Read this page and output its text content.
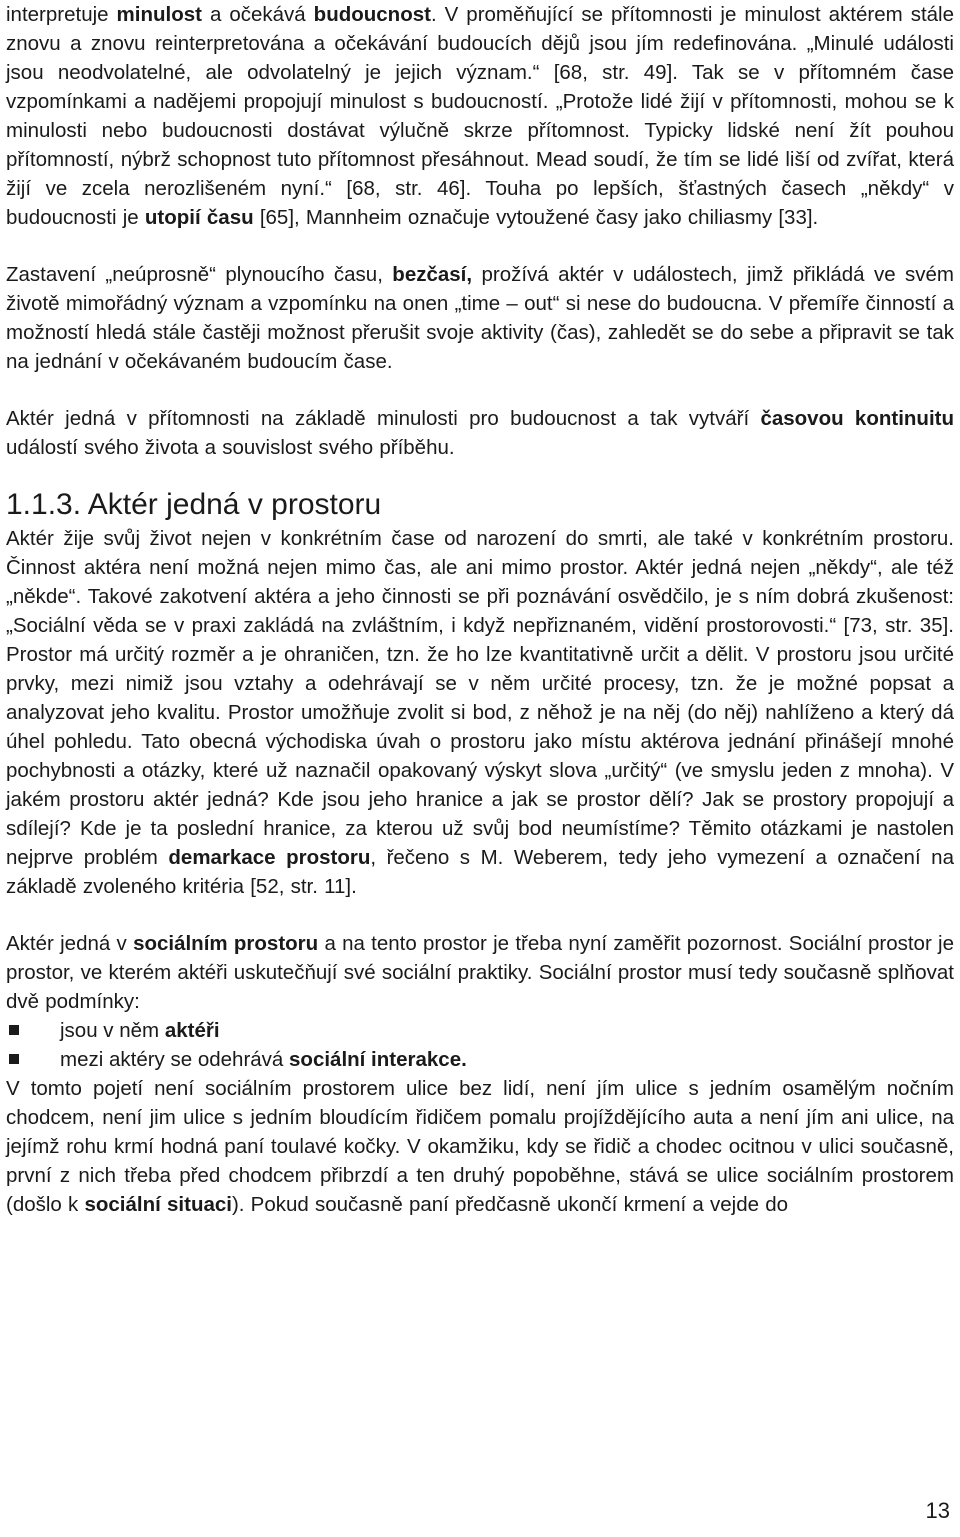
interpretuje minulost a očekává budoucnost. V proměňující se přítomnosti je minulost aktérem stále znovu a znovu reinterpretována a očekávání budoucích dějů jsou jím redefinována. „Minulé události jsou neodvolatelné, ale odvolatelný je jejich význam.“ [68, str. 49]. Tak se v přítomném čase vzpomínkami a nadějemi propojují minulost s budoucností. „Protože lidé žijí v přítomnosti, mohou se k minulosti nebo budoucnosti dostávat výlučně skrze přítomnost. Typicky lidské není žít pouhou přítomností, nýbrž schopnost tuto přítomnost přesáhnout. Mead soudí, že tím se lidé liší od zvířat, která žijí ve zcela nerozlišeném nyní.“ [68, str. 46]. Touha po lepších, šťastných časech „někdy“ v budoucnosti je utopií času [65], Mannheim označuje vytoužené časy jako chiliasmy [33].

Zastavení „neúprosně“ plynoucího času, bezčasí, prožívá aktér v událostech, jimž přikládá ve svém životě mimořádný význam a vzpomínku na onen „time – out“ si nese do budoucna. V přemíře činností a možností hledá stále častěji možnost přerušit svoje aktivity (čas), zahledět se do sebe a připravit se tak na jednání v očekávaném budoucím čase.

Aktér jedná v přítomnosti na základě minulosti pro budoucnost a tak vytváří časovou kontinuitu událostí svého života a souvislost svého příběhu.

1.1.3. Aktér jedná v prostoru

Aktér žije svůj život nejen v konkrétním čase od narození do smrti, ale také v konkrétním prostoru. Činnost aktéra není možná nejen mimo čas, ale ani mimo prostor. Aktér jedná nejen „někdy“, ale též „někde“. Takové zakotvení aktéra a jeho činnosti se při poznávání osvědčilo, je s ním dobrá zkušenost: „Sociální věda se v praxi zakládá na zvláštním, i když nepřiznaném, vidění prostorovosti.“ [73, str. 35]. Prostor má určitý rozměr a je ohraničen, tzn. že ho lze kvantitativně určit a dělit. V prostoru jsou určité prvky, mezi nimiž jsou vztahy a odehrávají se v něm určité procesy, tzn. že je možné popsat a analyzovat jeho kvalitu. Prostor umožňuje zvolit si bod, z něhož je na něj (do něj) nahlíženo a který dá úhel pohledu. Tato obecná východiska úvah o prostoru jako místu aktérova jednání přinášejí mnohé pochybnosti a otázky, které už naznačil opakovaný výskyt slova „určitý“ (ve smyslu jeden z mnoha). V jakém prostoru aktér jedná? Kde jsou jeho hranice a jak se prostor dělí? Jak se prostory propojují a sdílejí? Kde je ta poslední hranice, za kterou už svůj bod neumístíme? Těmito otázkami je nastolen nejprve problém demarkace prostoru, řečeno s M. Weberem, tedy jeho vymezení a označení na základě zvoleného kritéria [52, str. 11].

Aktér jedná v sociálním prostoru a na tento prostor je třeba nyní zaměřit pozornost. Sociální prostor je prostor, ve kterém aktéři uskutečňují své sociální praktiky. Sociální prostor musí tedy současně splňovat dvě podmínky:

jsou v něm aktéři
mezi aktéry se odehrává sociální interakce.

V tomto pojetí není sociálním prostorem ulice bez lidí, není jím ulice s jedním osamělým nočním chodcem, není jim ulice s jedním bloudícím řidičem pomalu projíždějícího auta a není jím ani ulice, na jejímž rohu krmí hodná paní toulavé kočky. V okamžiku, kdy se řidič a chodec ocitnou v ulici současně, první z nich třeba před chodcem přibrzdí a ten druhý popoběhne, stává se ulice sociálním prostorem (došlo k sociální situaci). Pokud současně paní předčasně ukončí krmení a vejde do

13
